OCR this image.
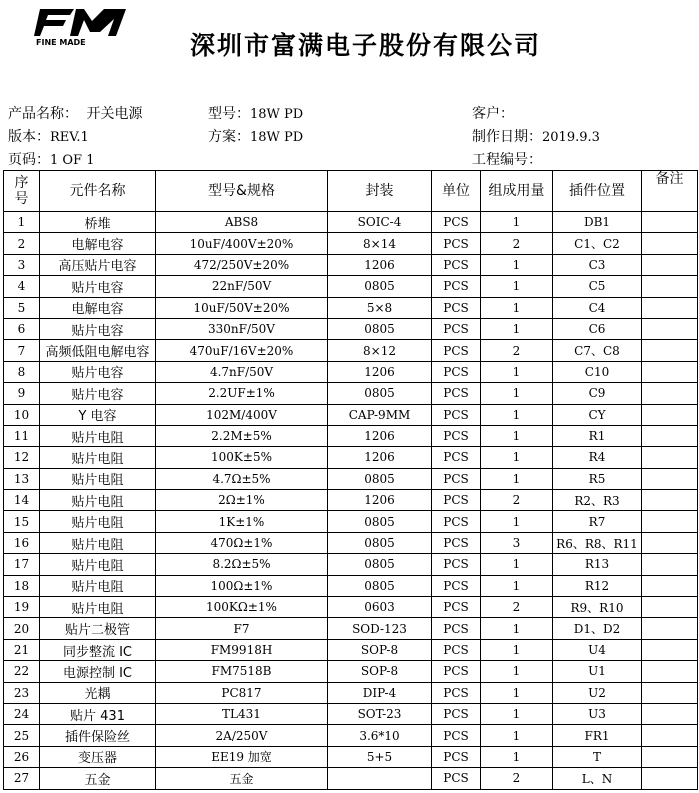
FINE MADE	深圳市富满电子股份有限公司
产品名称： 开关电源	型号：18W PD	客户：
版本：REV.1	方案：18W PD	制作日期：2019.9.3
页码：1 OF 1	工程编号：
序
号	元件名称	型号&规格	封装	单位	组成用量	插件位置	备注
1	桥堆	ABS8	SOIC-4	PCS	1	DB1	
2	电解电容	10uF/400V±20%	8×14	PCS	2	C1、C2	
3	高压贴片电容	472/250V±20%	1206	PCS	1	C3	
4	贴片电容	22nF/50V	0805	PCS	1	C5	
5	电解电容	10uF/50V±20%	5×8	PCS	1	C4	
6	贴片电容	330nF/50V	0805	PCS	1	C6	
7	高频低阻电解电容	470uF/16V±20%	8×12	PCS	2	C7、C8	
8	贴片电容	4.7nF/50V	1206	PCS	1	C10	
9	贴片电容	2.2UF±1%	0805	PCS	1	C9	
10	Y 电容	102M/400V	CAP-9MM	PCS	1	CY	
11	贴片电阻	2.2M±5%	1206	PCS	1	R1	
12	贴片电阻	100K±5%	1206	PCS	1	R4	
13	贴片电阻	4.7Ω±5%	0805	PCS	1	R5	
14	贴片电阻	2Ω±1%	1206	PCS	2	R2、R3	
15	贴片电阻	1K±1%	0805	PCS	1	R7	
16	贴片电阻	470Ω±1%	0805	PCS	3	R6、R8、R11	
17	贴片电阻	8.2Ω±5%	0805	PCS	1	R13	
18	贴片电阻	100Ω±1%	0805	PCS	1	R12	
19	贴片电阻	100KΩ±1%	0603	PCS	2	R9、R10	
20	贴片二极管	F7	SOD-123	PCS	1	D1、D2	
21	同步整流 IC	FM9918H	SOP-8	PCS	1	U4	
22	电源控制 IC	FM7518B	SOP-8	PCS	1	U1	
23	光耦	PC817	DIP-4	PCS	1	U2	
24	贴片 431	TL431	SOT-23	PCS	1	U3	
25	插件保险丝	2A/250V	3.6*10	PCS	1	FR1	
26	变压器	EE19 加宽	5+5	PCS	1	T	
27	五金	五金		PCS	2	L、N	
